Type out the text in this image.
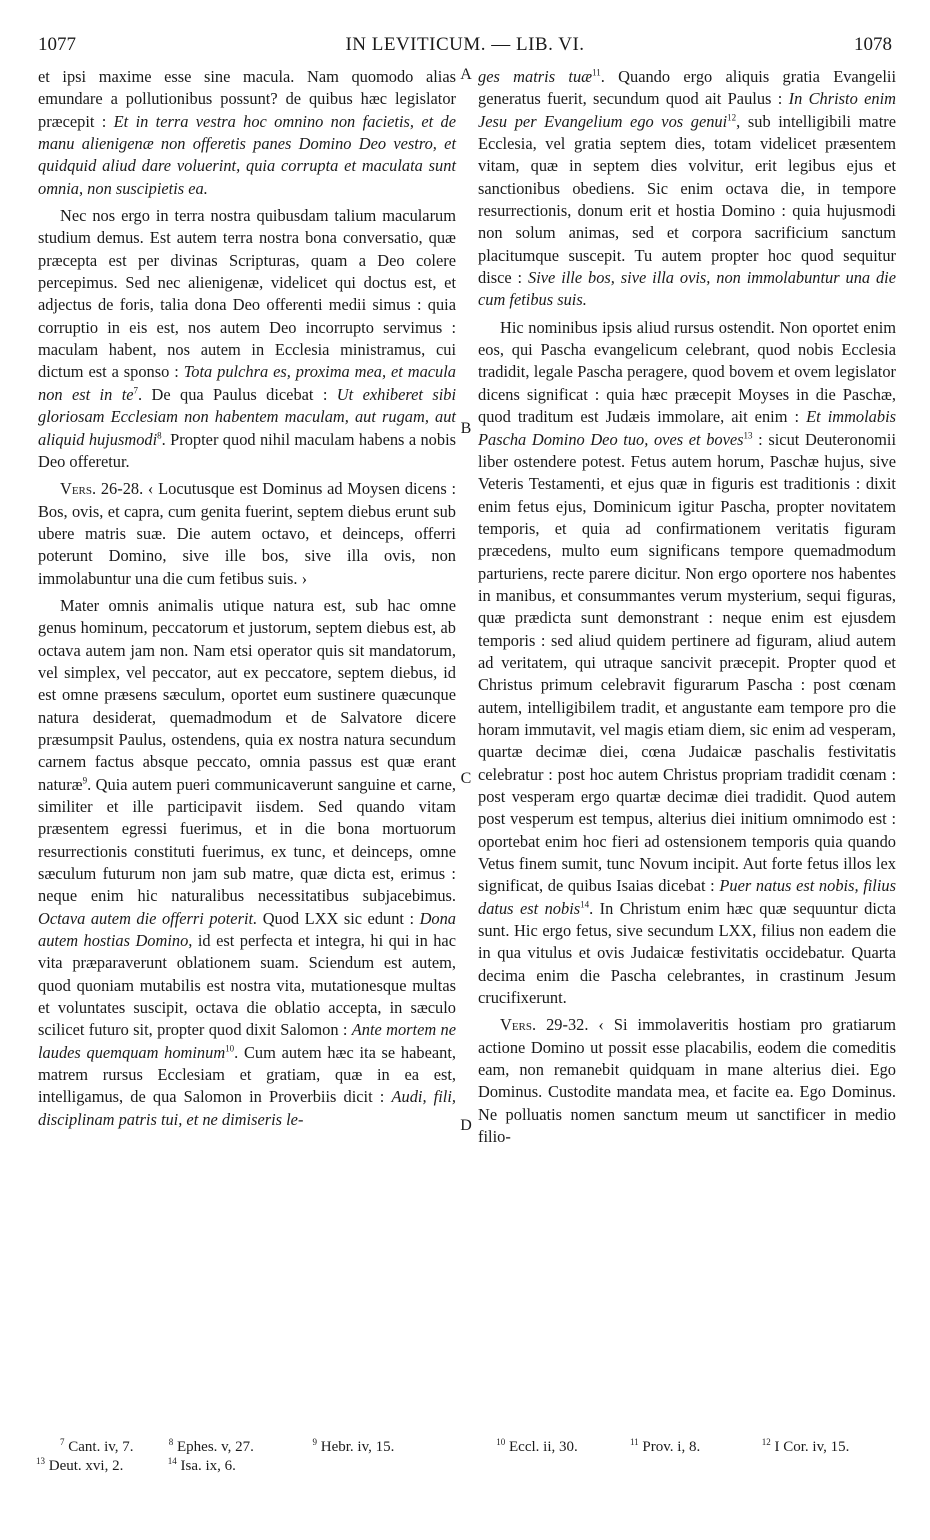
1077	IN LEVITICUM. — LIB. VI.	1078
A
B
C
D

et ipsi maxime esse sine macula. Nam quomodo alias emundare a pollutionibus possunt? de quibus hæc legislator præcepit : Et in terra vestra hoc omnino non facietis, et de manu alienigenæ non offeretis panes Domino Deo vestro, et quidquid aliud dare voluerint, quia corrupta et maculata sunt omnia, non suscipietis ea.

Nec nos ergo in terra nostra quibusdam talium macularum studium demus. Est autem terra nostra bona conversatio, quæ præcepta est per divinas Scripturas, quam a Deo colere percepimus. Sed nec alienigenæ, videlicet qui doctus est, et adjectus de foris, talia dona Deo offerenti medii simus : quia corruptio in eis est, nos autem Deo incorrupto servimus : maculam habent, nos autem in Ecclesia ministramus, cui dictum est a sponso : Tota pulchra es, proxima mea, et macula non est in $te^7$. De qua Paulus dicebat : Ut exhiberet sibi gloriosam Ecclesiam non habentem maculam, aut rugam, aut aliquid hujusmodi$^8$. Propter quod nihil maculam habens a nobis Deo offeretur.

Vers. 26-28. ‹ Locutusque est Dominus ad Moysen dicens : Bos, ovis, et capra, cum genita fuerint, septem diebus erunt sub ubere matris suæ. Die autem octavo, et deinceps, offerri poterunt Domino, sive ille bos, sive illa ovis, non immolabuntur una die cum fetibus suis. ›

Mater omnis animalis utique natura est, sub hac omne genus hominum, peccatorum et justorum, septem diebus est, ab octava autem jam non. Nam etsi operator quis sit mandatorum, vel simplex, vel peccator, aut ex peccatore, septem diebus, id est omne præsens sæculum, oportet eum sustinere quæcunque natura desiderat, quemadmodum et de Salvatore dicere præsumpsit Paulus, ostendens, quia ex nostra natura secundum carnem factus absque peccato, omnia passus est quæ erant naturæ$^9$. Quia autem pueri communicaverunt sanguine et carne, similiter et ille participavit iisdem. Sed quando vitam præsentem egressi fuerimus, et in die bona mortuorum resurrectionis constituti fuerimus, ex tunc, et deinceps, omne sæculum futurum non jam sub matre, quæ dicta est, erimus : neque enim hic naturalibus necessitatibus subjacebimus. Octava autem die offerri poterit. Quod LXX sic edunt : Dona autem hostias Domino, id est perfecta et integra, hi qui in hac vita præparaverunt oblationem suam. Sciendum est autem, quod quoniam mutabilis est nostra vita, mutationesque multas et voluntates suscipit, octava die oblatio accepta, in sæculo scilicet futuro sit, propter quod dixit Salomon : Ante mortem ne laudes quemquam hominum$^{10}$. Cum autem hæc ita se habeant, matrem rursus Ecclesiam et gratiam, quæ in ea est, intelligamus, de qua Salomon in Proverbiis dicit : Audi, fili, disciplinam patris tui, et ne dimiseris le-

ges matris tuæ$^{11}$. Quando ergo aliquis gratia Evangelii generatus fuerit, secundum quod ait Paulus : In Christo enim Jesu per Evangelium ego vos genui$^{12}$, sub intelligibili matre Ecclesia, vel gratia septem dies, totam videlicet præsentem vitam, quæ in septem dies volvitur, erit legibus ejus et sanctionibus obediens. Sic enim octava die, in tempore resurrectionis, donum erit et hostia Domino : quia hujusmodi non solum animas, sed et corpora sacrificium sanctum placitumque suscepit. Tu autem propter hoc quod sequitur disce : Sive ille bos, sive illa ovis, non immolabuntur una die cum fetibus suis.

Hic nominibus ipsis aliud rursus ostendit. Non oportet enim eos, qui Pascha evangelicum celebrant, quod nobis Ecclesia tradidit, legale Pascha peragere, quod bovem et ovem legislator dicens significat : quia hæc præcepit Moyses in die Paschæ, quod traditum est Judæis immolare, ait enim : Et immolabis Pascha Domino Deo tuo, oves et boves$^{13}$ : sicut Deuteronomii liber ostendere potest. Fetus autem horum, Paschæ hujus, sive Veteris Testamenti, et ejus quæ in figuris est traditionis : dixit enim fetus ejus, Dominicum igitur Pascha, propter novitatem temporis, et quia ad confirmationem veritatis figuram præcedens, multo eum significans tempore quemadmodum parturiens, recte parere dicitur. Non ergo oportere nos habentes in manibus, et consummantes verum mysterium, sequi figuras, quæ prædicta sunt demonstrant : neque enim est ejusdem temporis : sed aliud quidem pertinere ad figuram, aliud autem ad veritatem, qui utraque sancivit præcepit. Propter quod et Christus primum celebravit figurarum Pascha : post cœnam autem, intelligibilem tradit, et angustante eam tempore pro die horam immutavit, vel magis etiam diem, sic enim ad vesperam, quartæ decimæ diei, cœna Judaicæ paschalis festivitatis celebratur : post hoc autem Christus propriam tradidit cœnam : post vesperam ergo quartæ decimæ diei tradidit. Quod autem post vesperum est tempus, alterius diei initium omnimodo est : oportebat enim hoc fieri ad ostensionem temporis quia quando Vetus finem sumit, tunc Novum incipit. Aut forte fetus illos lex significat, de quibus Isaias dicebat : Puer natus est nobis, filius datus est nobis$^{14}$. In Christum enim hæc quæ sequuntur dicta sunt. Hic ergo fetus, sive secundum LXX, filius non eadem die in qua vitulus et ovis Judaicæ festivitatis occidebatur. Quarta decima enim die Pascha celebrantes, in crastinum Jesum crucifixerunt.

Vers. 29-32. ‹ Si immolaveritis hostiam pro gratiarum actione Domino ut possit esse placabilis, eodem die comeditis eam, non remanebit quidquam in mane alterius diei. Ego Dominus. Custodite mandata mea, et facite ea. Ego Dominus. Ne polluatis nomen sanctum meum ut sanctificer in medio filio-

$^7$ Cant. iv, 7.	$^8$ Ephes. v, 27.	$^9$ Hebr. iv, 15.	$^{10}$ Eccl. ii, 30.	$^{11}$ Prov. i, 8.	$^{12}$ I Cor. iv, 15.
$^{13}$ Deut. xvi, 2.	$^{14}$ Isa. ix, 6.
